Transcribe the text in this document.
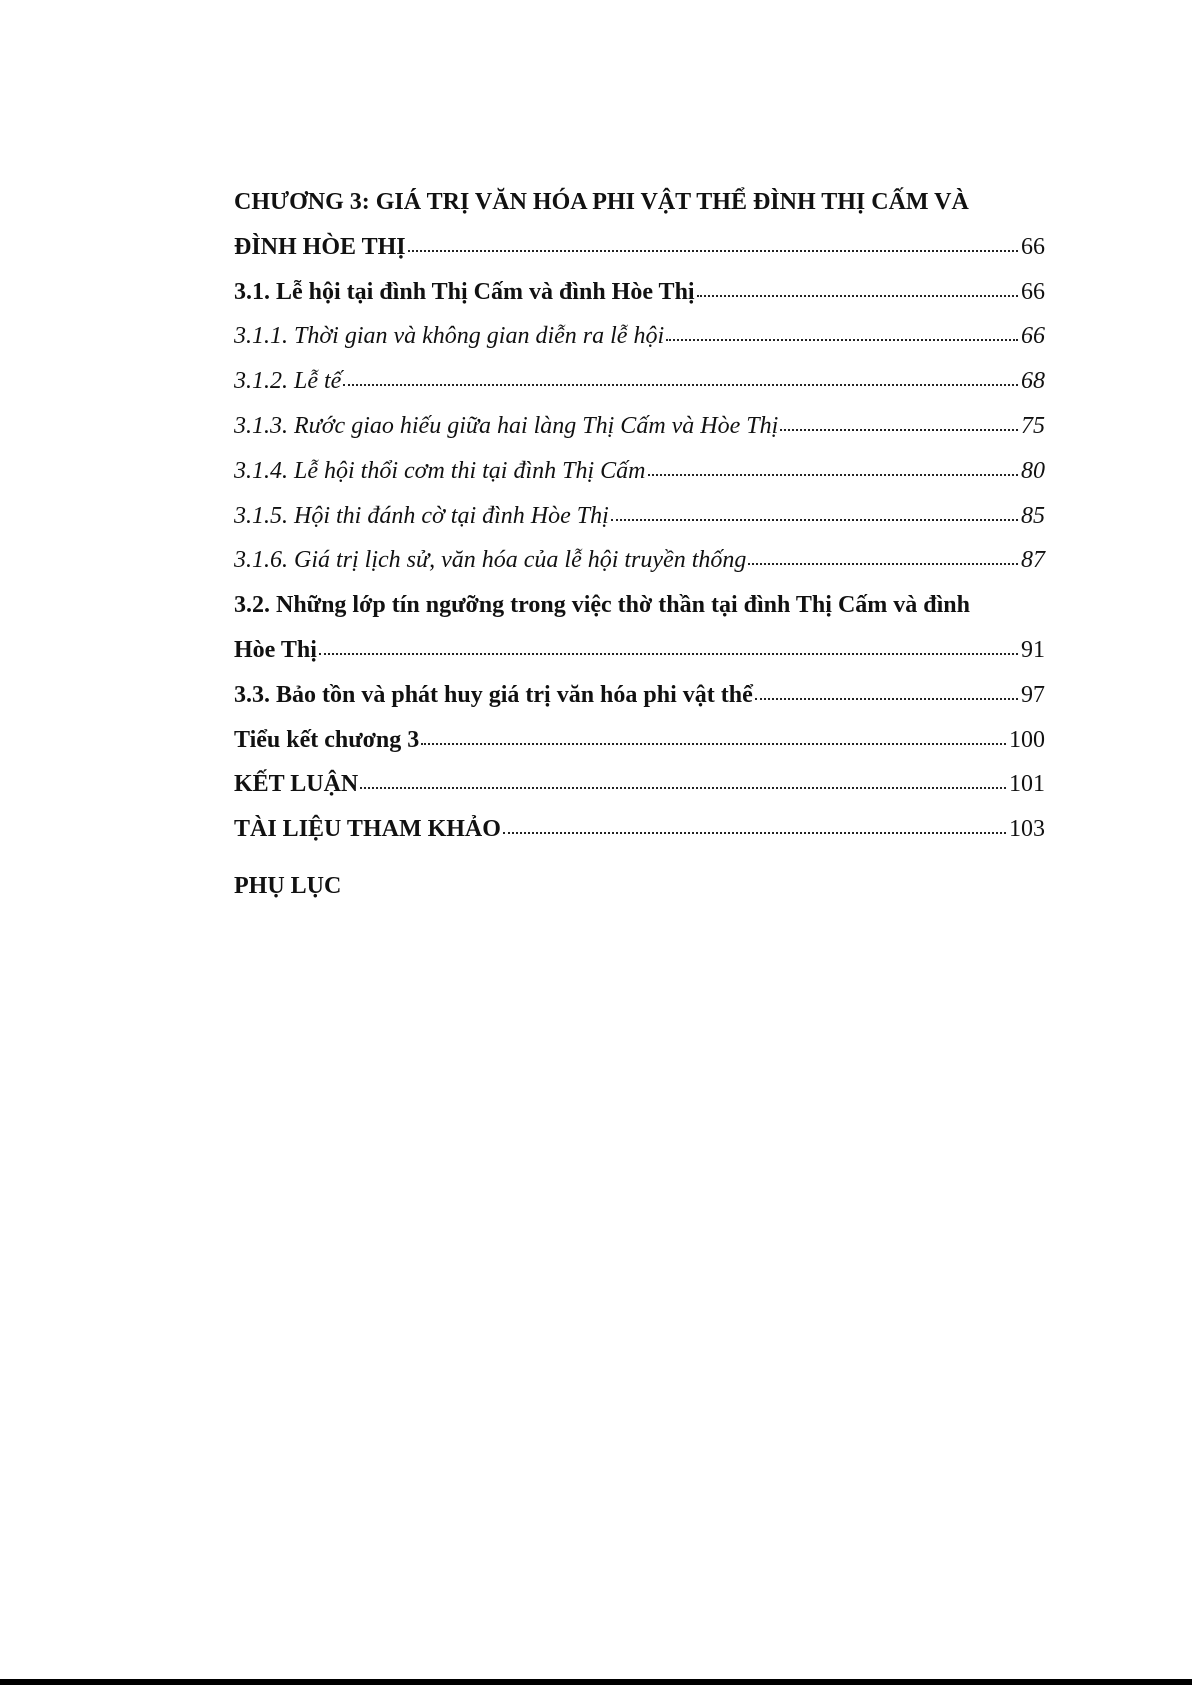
CHƯƠNG 3: GIÁ TRỊ VĂN HÓA PHI VẬT THỂ ĐÌNH THỊ CẤM VÀ
ĐÌNH HÒE THỊ	66
3.1. Lễ hội tại đình Thị Cấm và đình Hòe Thị	66
3.1.1. Thời gian và không gian diễn ra lễ hội	66
3.1.2. Lễ tế	68
3.1.3. Rước giao hiếu giữa hai làng Thị Cấm và Hòe Thị	75
3.1.4. Lễ hội thổi cơm thi tại đình Thị Cấm	80
3.1.5. Hội thi đánh cờ tại đình Hòe Thị	85
3.1.6. Giá trị lịch sử, văn hóa của lễ hội truyền thống	87
3.2. Những lớp tín ngưỡng trong việc thờ thần tại đình Thị Cấm và đình
Hòe Thị	91
3.3. Bảo tồn và phát huy giá trị văn hóa phi vật thể	97
Tiểu kết chương 3	100
KẾT LUẬN	101
TÀI LIỆU THAM KHẢO	103
PHỤ LỤC
